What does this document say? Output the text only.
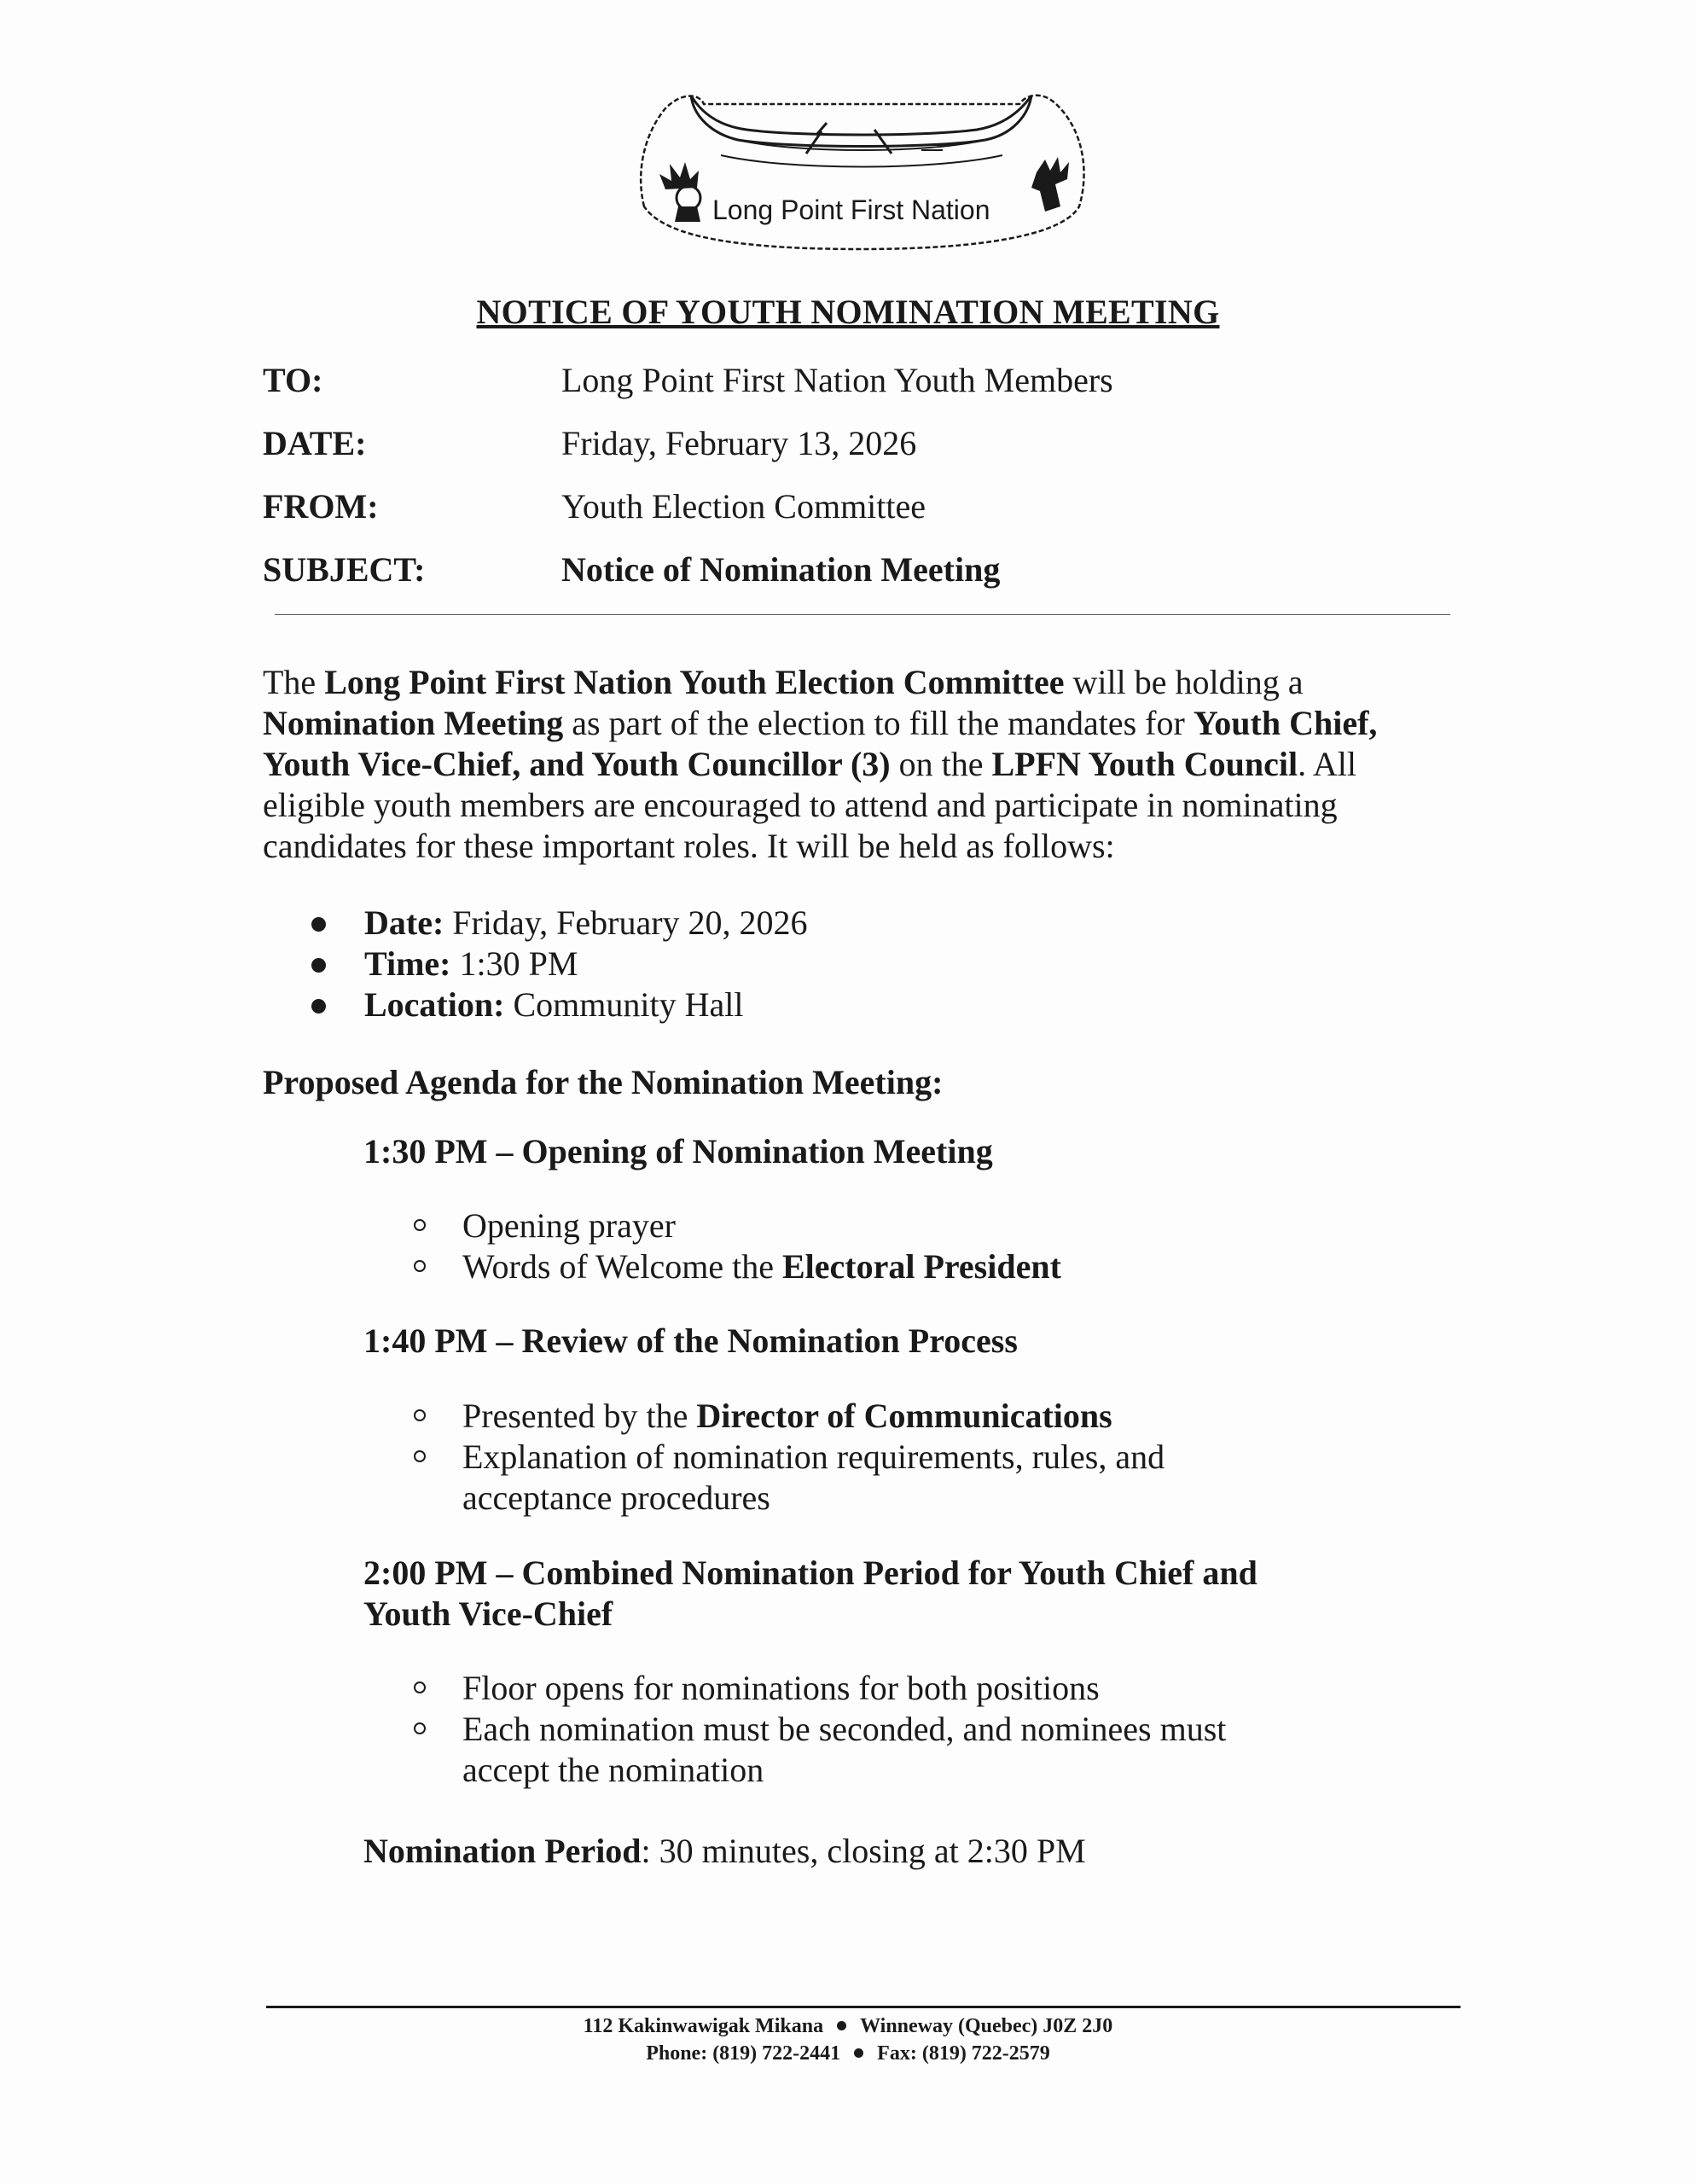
Long Point First Nation
NOTICE OF YOUTH NOMINATION MEETING
TO:	Long Point First Nation Youth Members
DATE:	Friday, February 13, 2026
FROM:	Youth Election Committee
SUBJECT:	Notice of Nomination Meeting
The Long Point First Nation Youth Election Committee will be holding a Nomination Meeting as part of the election to fill the mandates for Youth Chief, Youth Vice-Chief, and Youth Councillor (3) on the LPFN Youth Council. All eligible youth members are encouraged to attend and participate in nominating candidates for these important roles. It will be held as follows:
Date: Friday, February 20, 2026
Time: 1:30 PM
Location: Community Hall
Proposed Agenda for the Nomination Meeting:
1:30 PM – Opening of Nomination Meeting
Opening prayer
Words of Welcome the Electoral President
1:40 PM – Review of the Nomination Process
Presented by the Director of Communications
Explanation of nomination requirements, rules, and acceptance procedures
2:00 PM – Combined Nomination Period for Youth Chief and Youth Vice-Chief
Floor opens for nominations for both positions
Each nomination must be seconded, and nominees must accept the nomination
Nomination Period: 30 minutes, closing at 2:30 PM
112 Kakinwawigak Mikana Winneway (Quebec) J0Z 2J0
Phone: (819) 722-2441 Fax: (819) 722-2579
